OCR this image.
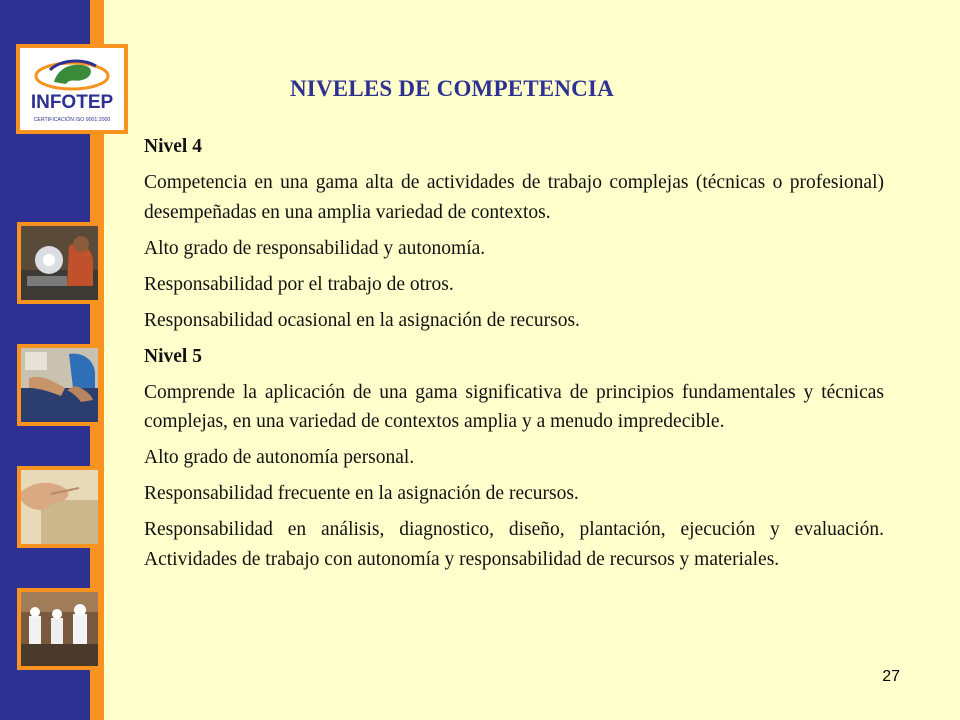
INFOTEP
CERTIFICACIÓN ISO 9001:2000
NIVELES DE COMPETENCIA

Nivel 4

Competencia en una gama alta de actividades de trabajo complejas (técnicas o profesional) desempeñadas en una amplia variedad de contextos.

Alto grado de responsabilidad y autonomía.

Responsabilidad por el trabajo de otros.

Responsabilidad ocasional en la asignación de recursos.

Nivel 5

Comprende la aplicación de una gama significativa de principios fundamentales y técnicas complejas, en una variedad de contextos amplia y a menudo impredecible.

Alto grado de autonomía personal.

Responsabilidad frecuente en la asignación de recursos.

Responsabilidad en análisis, diagnostico, diseño, plantación, ejecución y evaluación. Actividades de trabajo con autonomía y responsabilidad de recursos y materiales.

27
